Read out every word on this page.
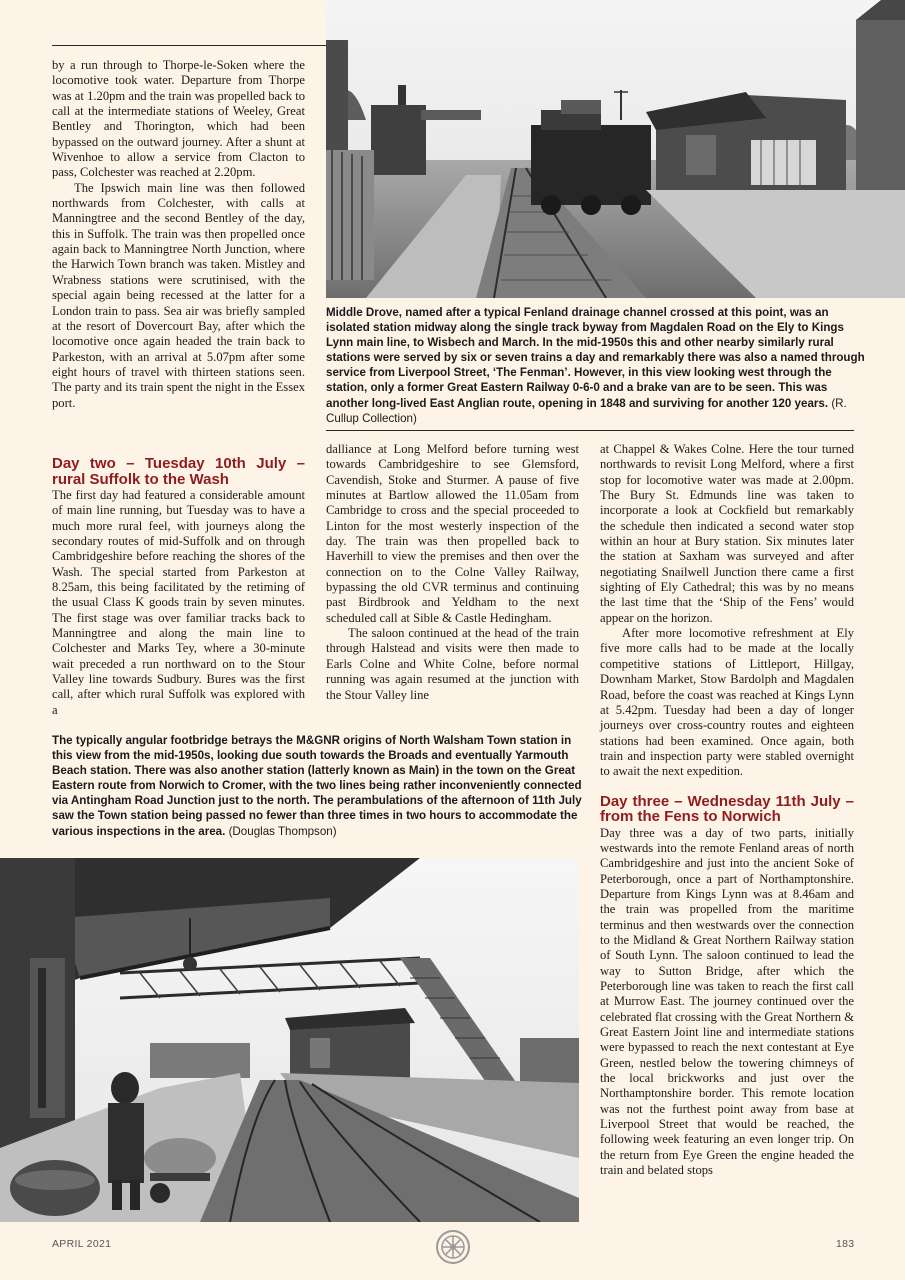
Middle Drove, named after a typical Fenland drainage channel crossed at this point, was an isolated station midway along the single track byway from Magdalen Road on the Ely to Kings Lynn main line, to Wisbech and March. In the mid-1950s this and other nearby similarly rural stations were served by six or seven trains a day and remarkably there was also a named through service from Liverpool Street, ‘The Fenman’. However, in this view looking west through the station, only a former Great Eastern Railway 0-6-0 and a brake van are to be seen. This was another long-lived East Anglian route, opening in 1848 and surviving for another 120 years. (R. Cullup Collection)

by a run through to Thorpe-le-Soken where the locomotive took water. Departure from Thorpe was at 1.20pm and the train was propelled back to call at the intermediate stations of Weeley, Great Bentley and Thorington, which had been bypassed on the outward journey. After a shunt at Wivenhoe to allow a service from Clacton to pass, Colchester was reached at 2.20pm.

The Ipswich main line was then followed northwards from Colchester, with calls at Manningtree and the second Bentley of the day, this in Suffolk. The train was then propelled once again back to Manningtree North Junction, where the Harwich Town branch was taken. Mistley and Wrabness stations were scrutinised, with the special again being recessed at the latter for a London train to pass. Sea air was briefly sampled at the resort of Dovercourt Bay, after which the locomotive once again headed the train back to Parkeston, with an arrival at 5.07pm after some eight hours of travel with thirteen stations seen. The party and its train spent the night in the Essex port.

Day two – Tuesday 10th July – rural Suffolk to the Wash

The first day had featured a considerable amount of main line running, but Tuesday was to have a much more rural feel, with journeys along the secondary routes of mid-Suffolk and on through Cambridgeshire before reaching the shores of the Wash. The special started from Parkeston at 8.25am, this being facilitated by the retiming of the usual Class K goods train by seven minutes. The first stage was over familiar tracks back to Manningtree and along the main line to Colchester and Marks Tey, where a 30-minute wait preceded a run northward on to the Stour Valley line towards Sudbury. Bures was the first call, after which rural Suffolk was explored with a

dalliance at Long Melford before turning west towards Cambridgeshire to see Glemsford, Cavendish, Stoke and Sturmer. A pause of five minutes at Bartlow allowed the 11.05am from Cambridge to cross and the special proceeded to Linton for the most westerly inspection of the day. The train was then propelled back to Haverhill to view the premises and then over the connection on to the Colne Valley Railway, bypassing the old CVR terminus and continuing past Birdbrook and Yeldham to the next scheduled call at Sible & Castle Hedingham.

The saloon continued at the head of the train through Halstead and visits were then made to Earls Colne and White Colne, before normal running was again resumed at the junction with the Stour Valley line

at Chappel & Wakes Colne. Here the tour turned northwards to revisit Long Melford, where a first stop for locomotive water was made at 2.00pm. The Bury St. Edmunds line was taken to incorporate a look at Cockfield but remarkably the schedule then indicated a second water stop within an hour at Bury station. Six minutes later the station at Saxham was surveyed and after negotiating Snailwell Junction there came a first sighting of Ely Cathedral; this was by no means the last time that the ‘Ship of the Fens’ would appear on the horizon.

After more locomotive refreshment at Ely five more calls had to be made at the locally competitive stations of Littleport, Hillgay, Downham Market, Stow Bardolph and Magdalen Road, before the coast was reached at Kings Lynn at 5.42pm. Tuesday had been a day of longer journeys over cross-country routes and eighteen stations had been examined. Once again, both train and inspection party were stabled overnight to await the next expedition.

Day three – Wednesday 11th July – from the Fens to Norwich

Day three was a day of two parts, initially westwards into the remote Fenland areas of north Cambridgeshire and just into the ancient Soke of Peterborough, once a part of Northamptonshire. Departure from Kings Lynn was at 8.46am and the train was propelled from the maritime terminus and then westwards over the connection to the Midland & Great Northern Railway station of South Lynn. The saloon continued to lead the way to Sutton Bridge, after which the Peterborough line was taken to reach the first call at Murrow East. The journey continued over the celebrated flat crossing with the Great Northern & Great Eastern Joint line and intermediate stations were bypassed to reach the next contestant at Eye Green, nestled below the towering chimneys of the local brickworks and just over the Northamptonshire border. This remote location was not the furthest point away from base at Liverpool Street that would be reached, the following week featuring an even longer trip. On the return from Eye Green the engine headed the train and belated stops

The typically angular footbridge betrays the M&GNR origins of North Walsham Town station in this view from the mid-1950s, looking due south towards the Broads and eventually Yarmouth Beach station. There was also another station (latterly known as Main) in the town on the Great Eastern route from Norwich to Cromer, with the two lines being rather inconveniently connected via Antingham Road Junction just to the north. The perambulations of the afternoon of 11th July saw the Town station being passed no fewer than three times in two hours to accommodate the various inspections in the area. (Douglas Thompson)

APRIL 2021	183
